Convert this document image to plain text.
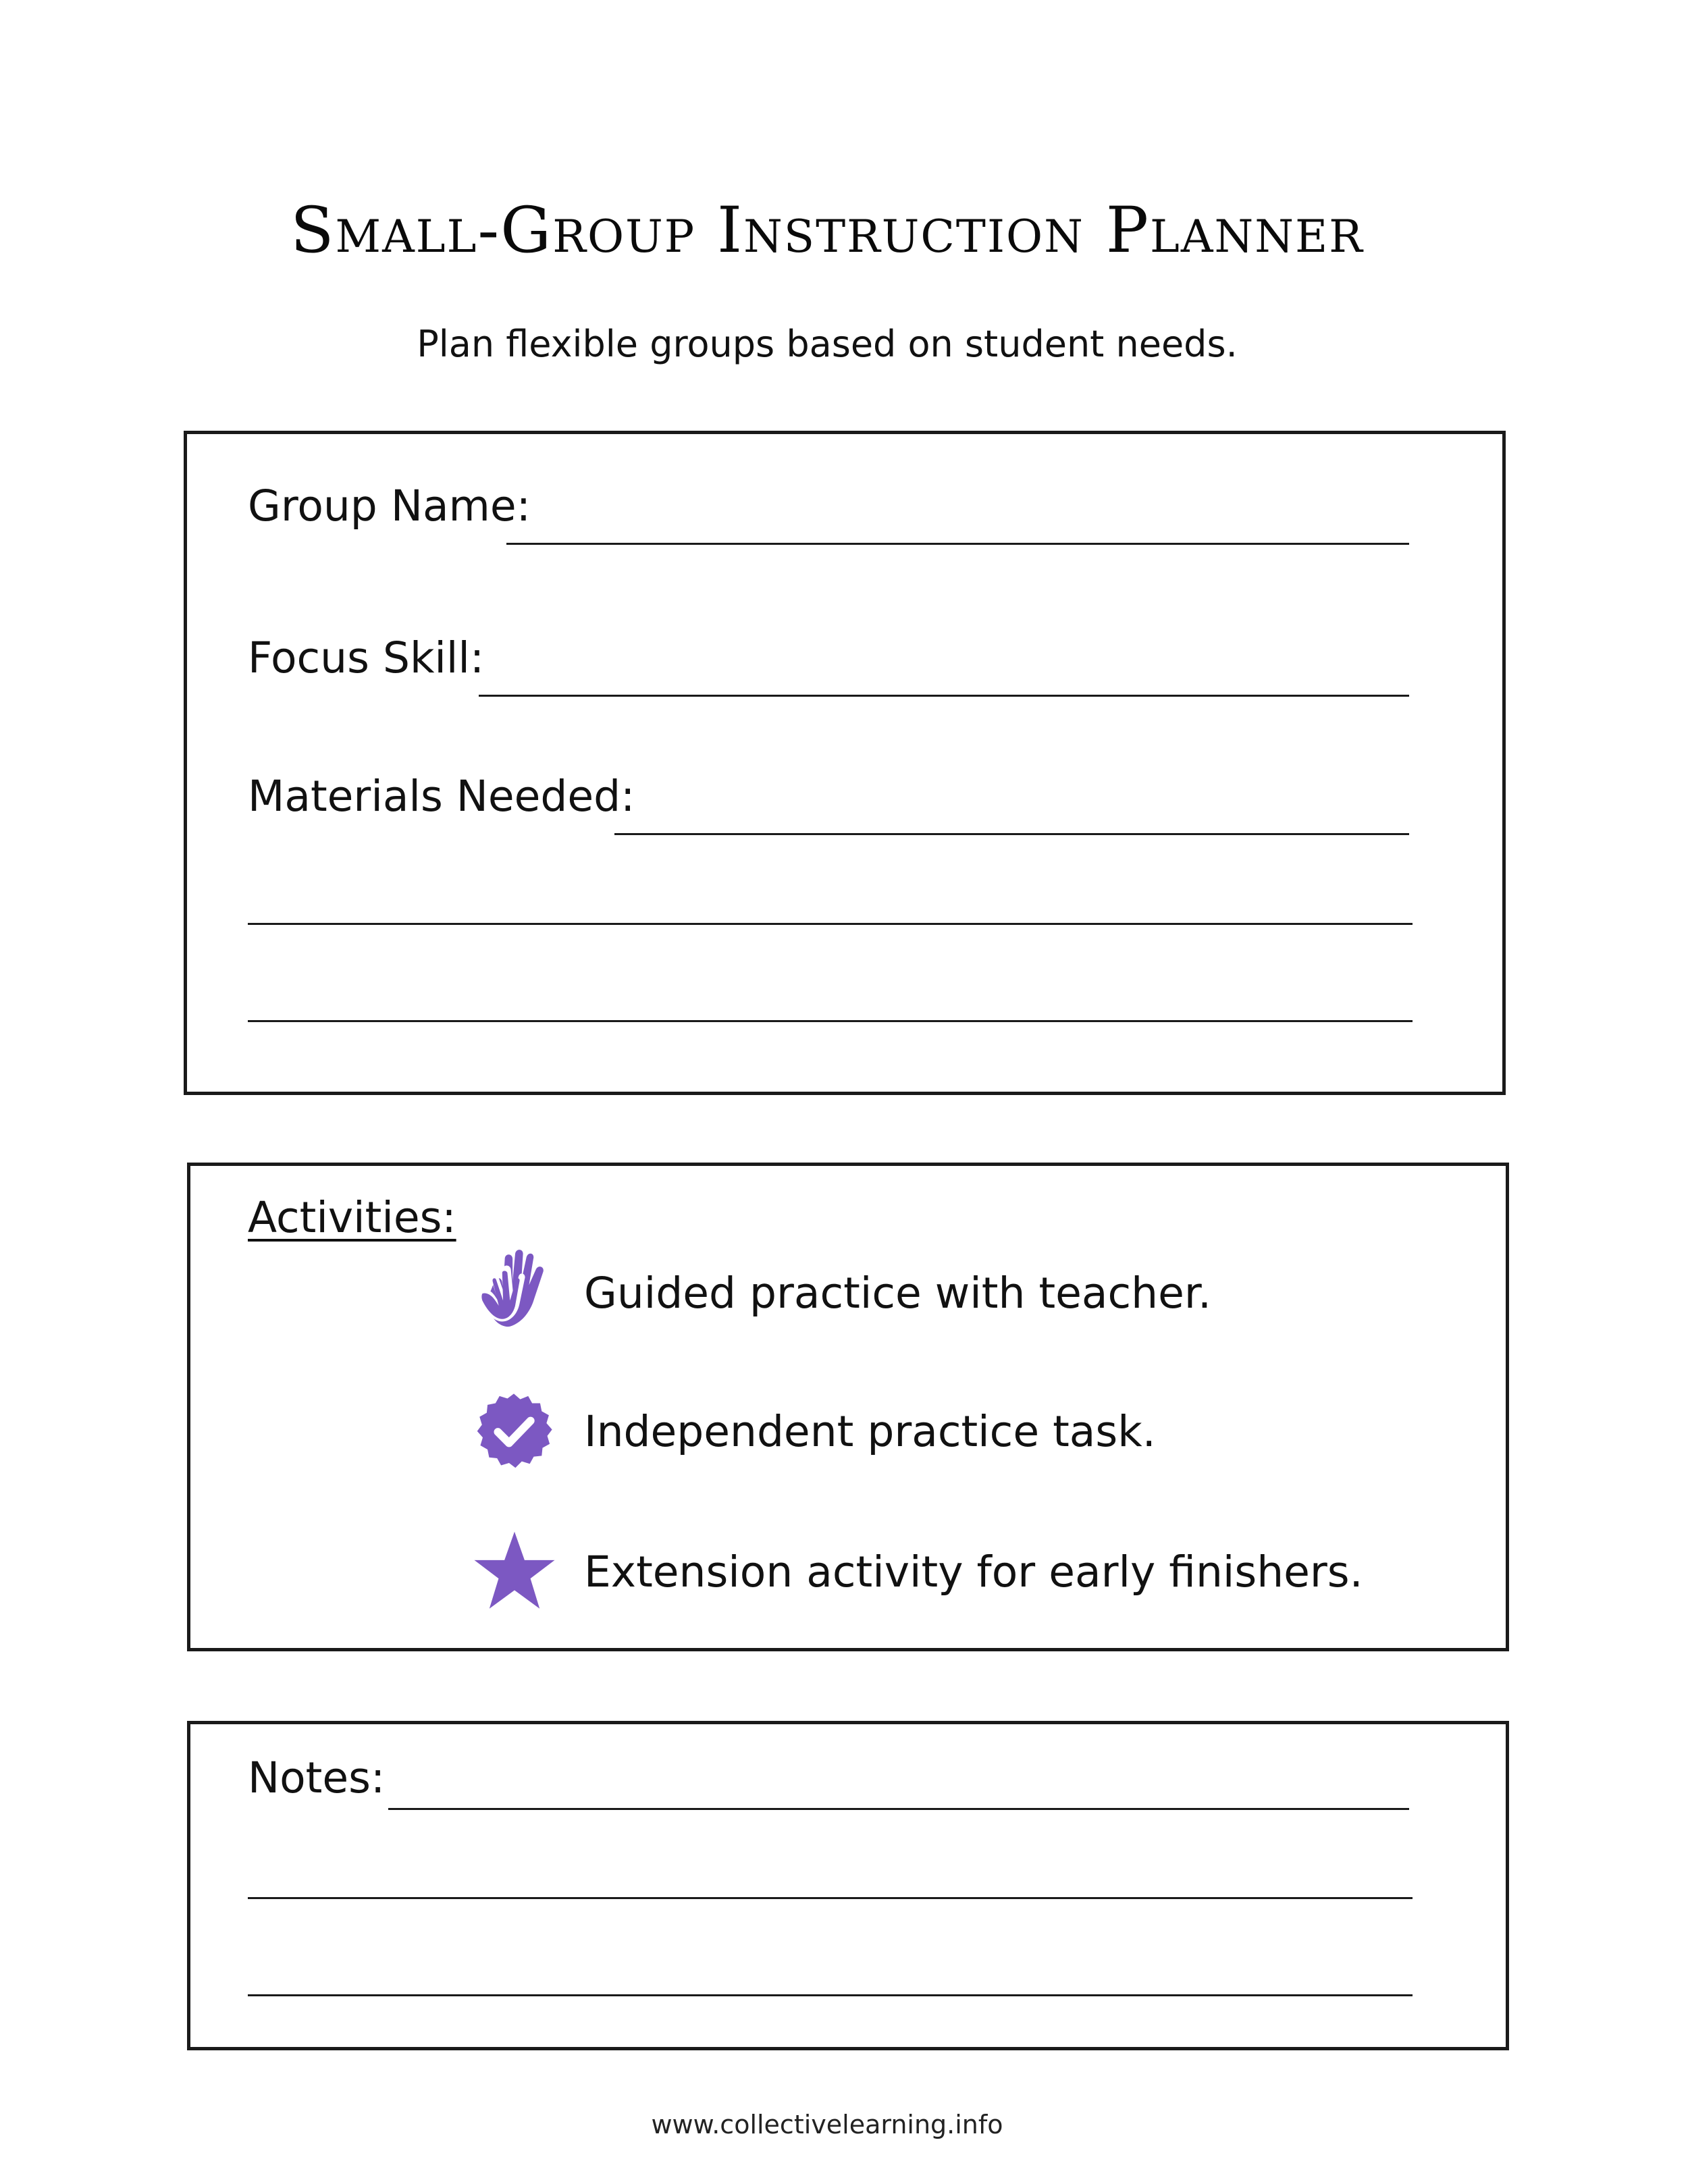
Small-Group Instruction Planner
Plan flexible groups based on student needs.
Group Name:
Focus Skill:
Materials Needed:
Activities:
Guided practice with teacher.
Independent practice task.
Extension activity for early finishers.
Notes:
www.collectivelearning.info
